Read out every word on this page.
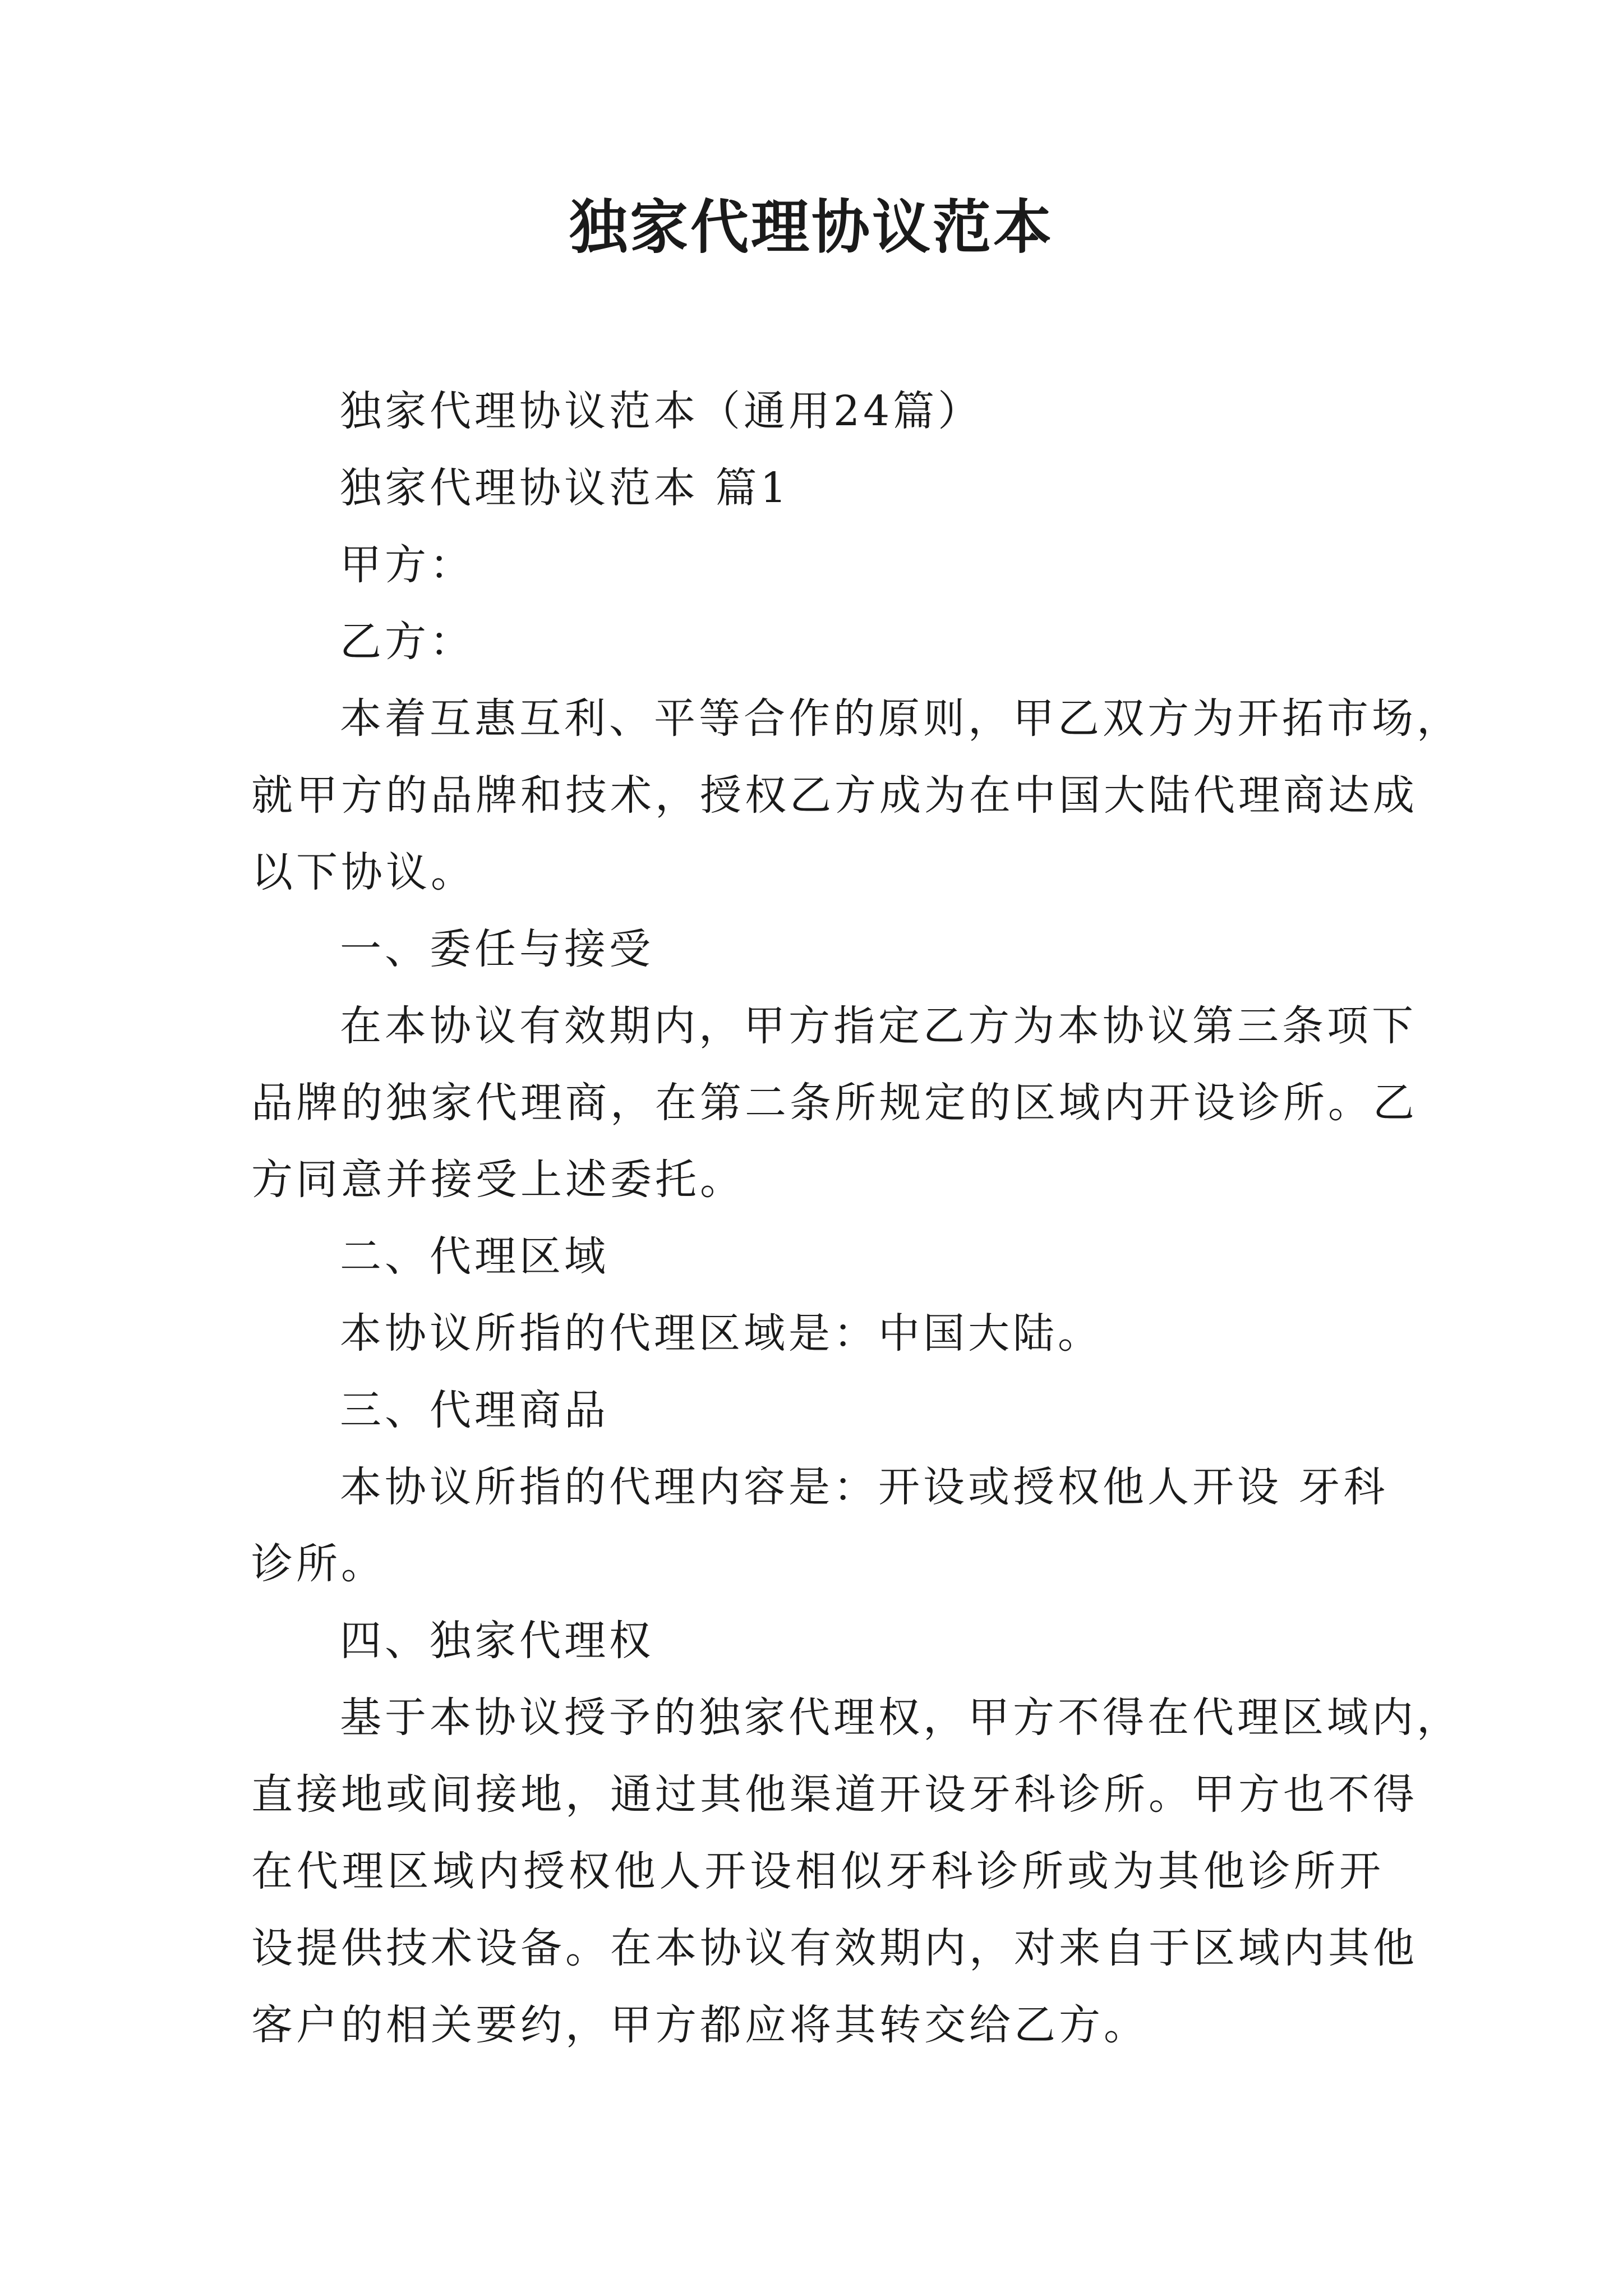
独家代理协议范本

独家代理协议范本（通用24篇）

独家代理协议范本 篇1

甲方：

乙方：

本着互惠互利、平等合作的原则，甲乙双方为开拓市场，

就甲方的品牌和技术，授权乙方成为在中国大陆代理商达成

以下协议。

一、委任与接受

在本协议有效期内，甲方指定乙方为本协议第三条项下

品牌的独家代理商，在第二条所规定的区域内开设诊所。乙

方同意并接受上述委托。

二、代理区域

本协议所指的代理区域是：中国大陆。

三、代理商品

本协议所指的代理内容是：开设或授权他人开设 牙科

诊所。

四、独家代理权

基于本协议授予的独家代理权，甲方不得在代理区域内，

直接地或间接地，通过其他渠道开设牙科诊所。甲方也不得

在代理区域内授权他人开设相似牙科诊所或为其他诊所开

设提供技术设备。在本协议有效期内，对来自于区域内其他

客户的相关要约，甲方都应将其转交给乙方。
